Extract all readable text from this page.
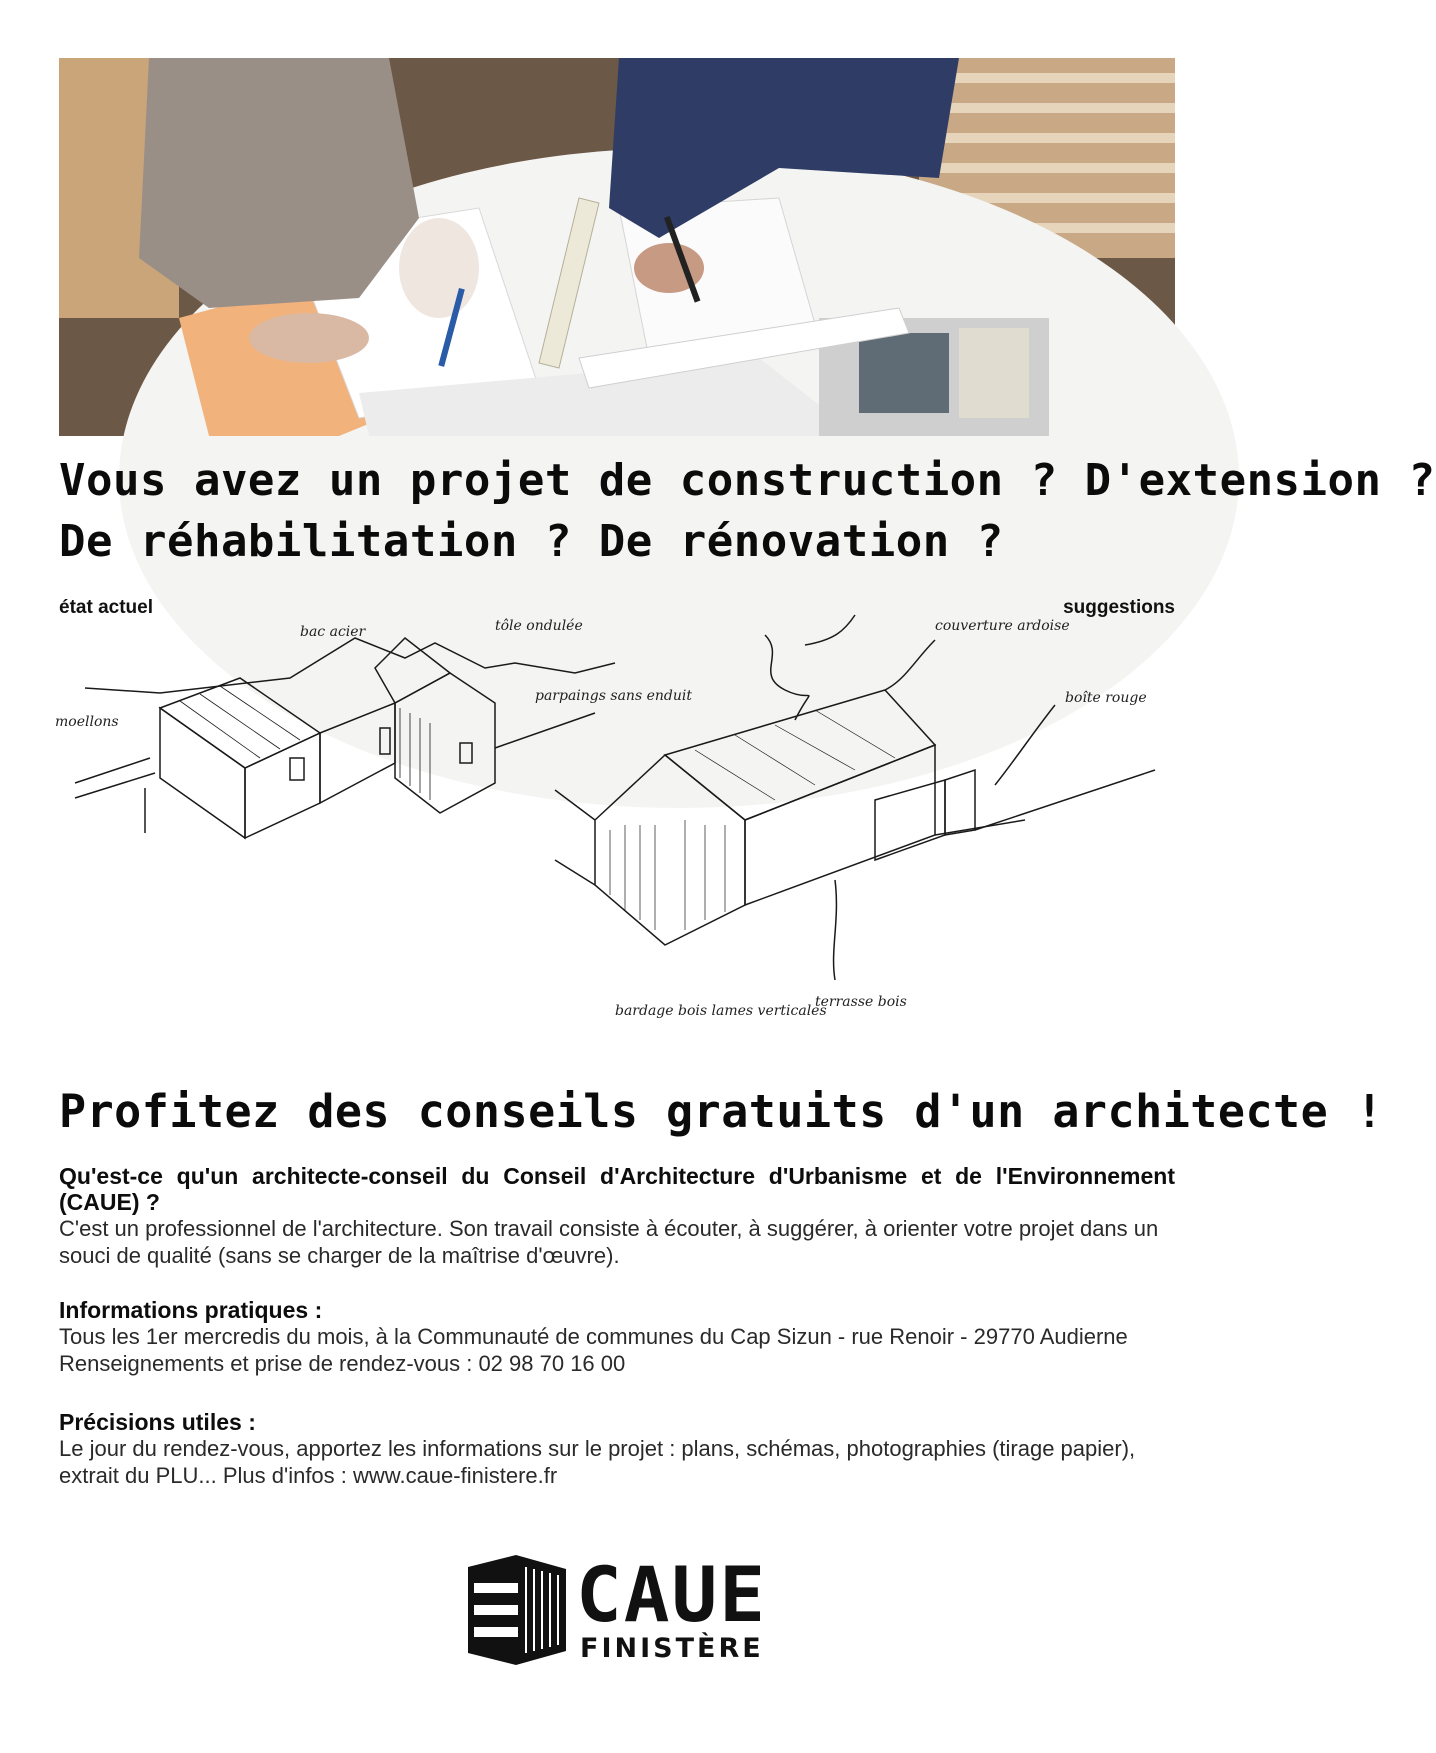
Vous avez un projet de construction ? D'extension ?
De réhabilitation ? De rénovation ?
état actuel	suggestions
bac acier	tôle ondulée
moellons
parpaings sans enduit
couverture ardoise
boîte rouge
terrasse bois
bardage bois lames verticales
Profitez des conseils gratuits d'un architecte !

Qu'est-ce qu'un architecte-conseil du Conseil d'Architecture d'Urbanisme et de l'Environnement (CAUE) ?

C'est un professionnel de l'architecture. Son travail consiste à écouter, à suggérer, à orienter votre projet dans un souci de qualité (sans se charger de la maîtrise d'œuvre).

Informations pratiques :

Tous les 1er mercredis du mois, à la Communauté de communes du Cap Sizun - rue Renoir - 29770 Audierne

Renseignements et prise de rendez-vous : 02 98 70 16 00

Précisions utiles :

Le jour du rendez-vous, apportez les informations sur le projet : plans, schémas, photographies (tirage papier), extrait du PLU... Plus d'infos : www.caue-finistere.fr

CAUE
FINISTÈRE
